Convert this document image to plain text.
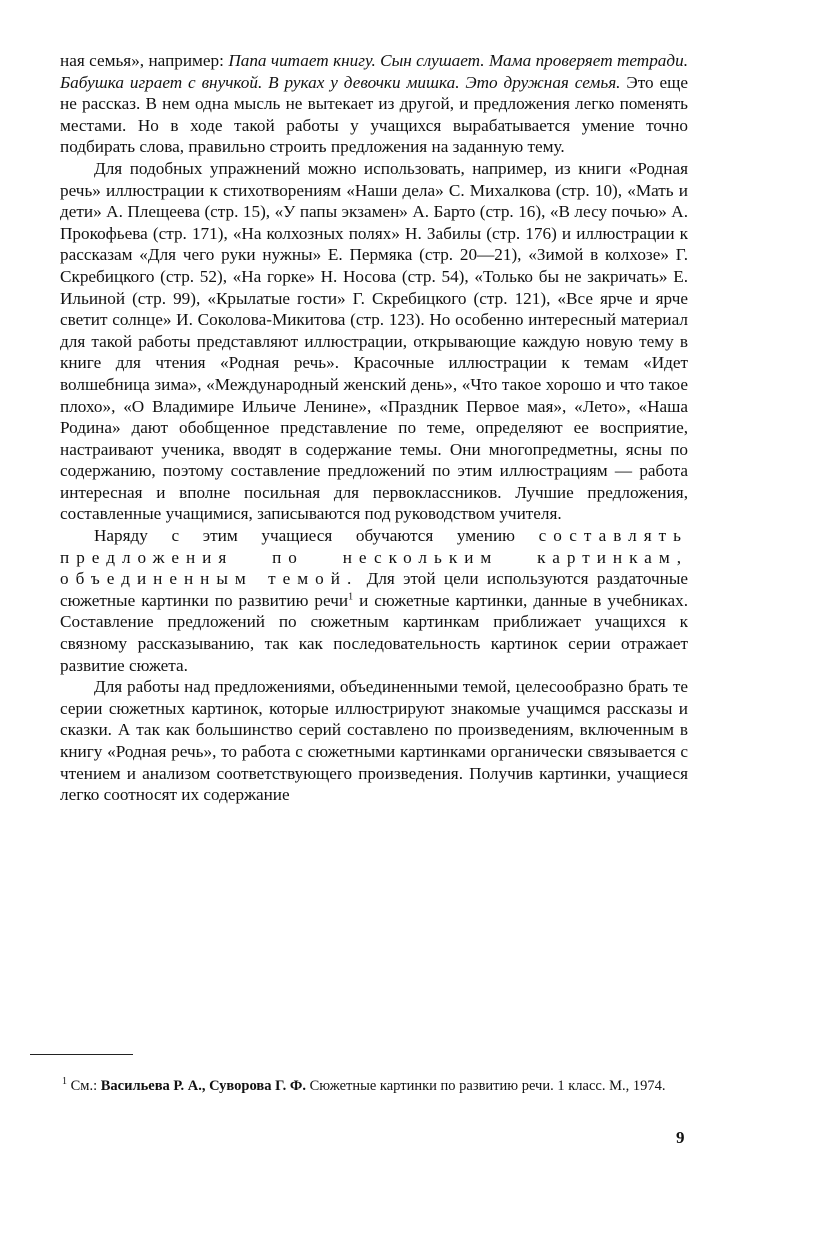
ная семья», например: Папа читает книгу. Сын слушает. Мама проверяет тетради. Бабушка играет с внучкой. В руках у девочки мишка. Это дружная семья. Это еще не рассказ. В нем одна мысль не вытекает из другой, и предложения легко поменять местами. Но в ходе такой работы у учащихся вырабатывается умение точно подбирать слова, правильно строить предложения на заданную тему.

Для подобных упражнений можно использовать, например, из книги «Родная речь» иллюстрации к стихотворениям «Наши дела» С. Михалкова (стр. 10), «Мать и дети» А. Плещеева (стр. 15), «У папы экзамен» А. Барто (стр. 16), «В лесу почью» А. Прокофьева (стр. 171), «На колхозных полях» Н. Забилы (стр. 176) и иллюстрации к рассказам «Для чего руки нужны» Е. Пермяка (стр. 20—21), «Зимой в колхозе» Г. Скребицкого (стр. 52), «На горке» Н. Носова (стр. 54), «Только бы не закричать» Е. Ильиной (стр. 99), «Крылатые гости» Г. Скребицкого (стр. 121), «Все ярче и ярче светит солнце» И. Соколова-Микитова (стр. 123). Но особенно интересный материал для такой работы представляют иллюстрации, открывающие каждую новую тему в книге для чтения «Родная речь». Красочные иллюстрации к темам «Идет волшебница зима», «Международный женский день», «Что такое хорошо и что такое плохо», «О Владимире Ильиче Ленине», «Праздник Первое мая», «Лето», «Наша Родина» дают обобщенное представление по теме, определяют ее восприятие, настраивают ученика, вводят в содержание темы. Они многопредметны, ясны по содержанию, поэтому составление предложений по этим иллюстрациям — работа интересная и вполне посильная для первоклассников. Лучшие предложения, составленные учащимися, записываются под руководством учителя.

Наряду с этим учащиеся обучаются умению составлять предложения по нескольким картинкам, объединенным темой. Для этой цели используются раздаточные сюжетные картинки по развитию речи$^1$ и сюжетные картинки, данные в учебниках. Составление предложений по сюжетным картинкам приближает учащихся к связному рассказыванию, так как последовательность картинок серии отражает развитие сюжета.

Для работы над предложениями, объединенными темой, целесообразно брать те серии сюжетных картинок, которые иллюстрируют знакомые учащимся рассказы и сказки. А так как большинство серий составлено по произведениям, включенным в книгу «Родная речь», то работа с сюжетными картинками органически связывается с чтением и анализом соответствующего произведения. Получив картинки, учащиеся легко соотносят их содержание

$^1$ См.: Васильева Р. А., Суворова Г. Ф. Сюжетные картинки по развитию речи. 1 класс. М., 1974.
9
